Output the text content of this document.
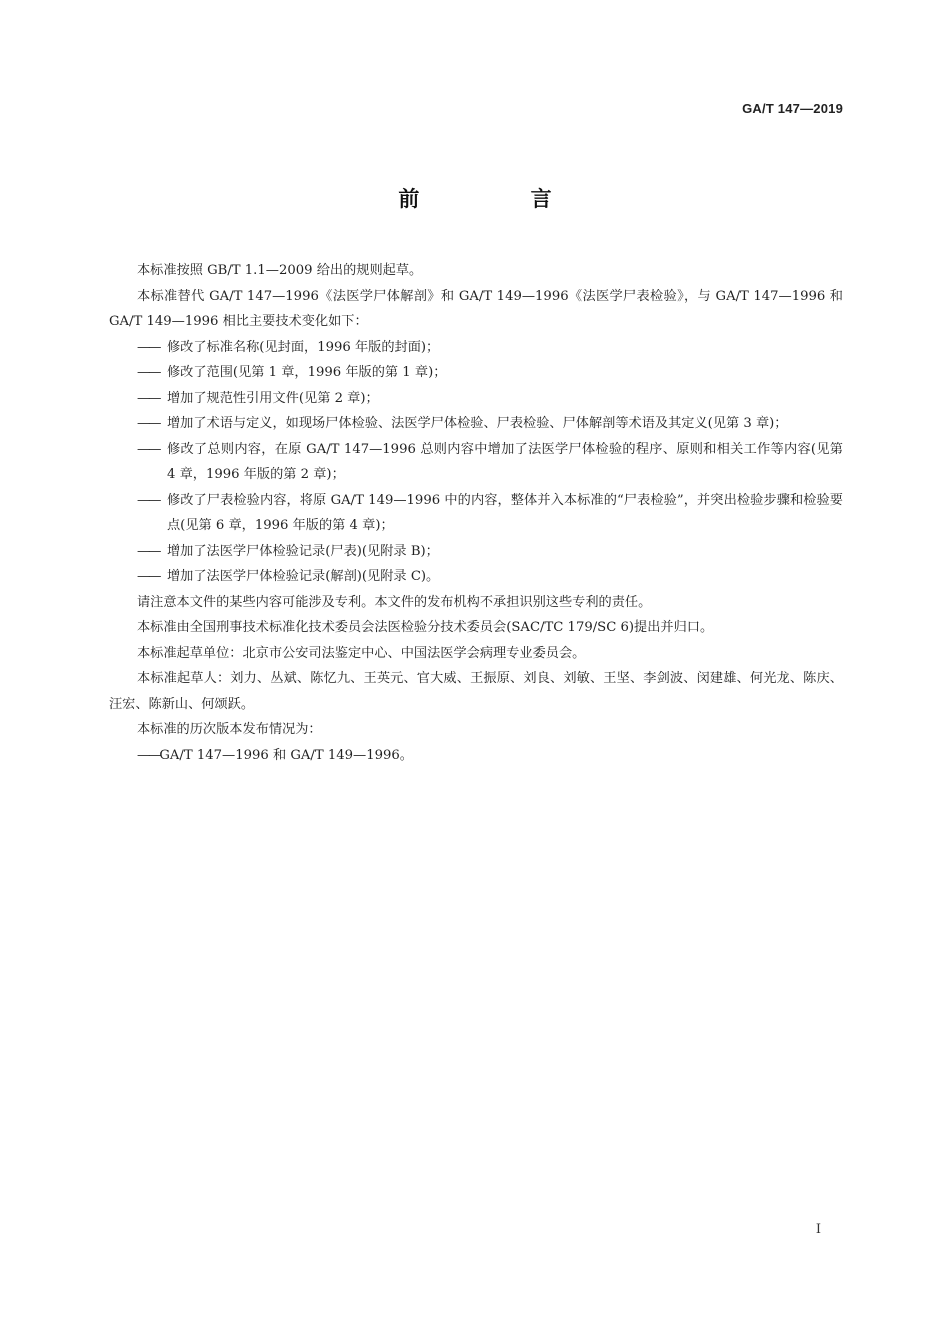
GA/T 147—2019
前 言

本标准按照 GB/T 1.1—2009 给出的规则起草。

本标准替代 GA/T 147—1996《法医学尸体解剖》和 GA/T 149—1996《法医学尸表检验》，与 GA/T 147—1996 和 GA/T 149—1996 相比主要技术变化如下：

—— 修改了标准名称(见封面，1996 年版的封面)；

—— 修改了范围(见第 1 章，1996 年版的第 1 章)；

—— 增加了规范性引用文件(见第 2 章)；

—— 增加了术语与定义，如现场尸体检验、法医学尸体检验、尸表检验、尸体解剖等术语及其定义(见第 3 章)；

—— 修改了总则内容，在原 GA/T 147—1996 总则内容中增加了法医学尸体检验的程序、原则和相关工作等内容(见第 4 章，1996 年版的第 2 章)；

—— 修改了尸表检验内容，将原 GA/T 149—1996 中的内容，整体并入本标准的“尸表检验”，并突出检验步骤和检验要点(见第 6 章，1996 年版的第 4 章)；

—— 增加了法医学尸体检验记录(尸表)(见附录 B)；

—— 增加了法医学尸体检验记录(解剖)(见附录 C)。

请注意本文件的某些内容可能涉及专利。本文件的发布机构不承担识别这些专利的责任。

本标准由全国刑事技术标准化技术委员会法医检验分技术委员会(SAC/TC 179/SC 6)提出并归口。

本标准起草单位：北京市公安司法鉴定中心、中国法医学会病理专业委员会。

本标准起草人：刘力、丛斌、陈忆九、王英元、官大威、王振原、刘良、刘敏、王坚、李剑波、闵建雄、何光龙、陈庆、汪宏、陈新山、何颂跃。

本标准的历次版本发布情况为：

——GA/T 147—1996 和 GA/T 149—1996。

I
